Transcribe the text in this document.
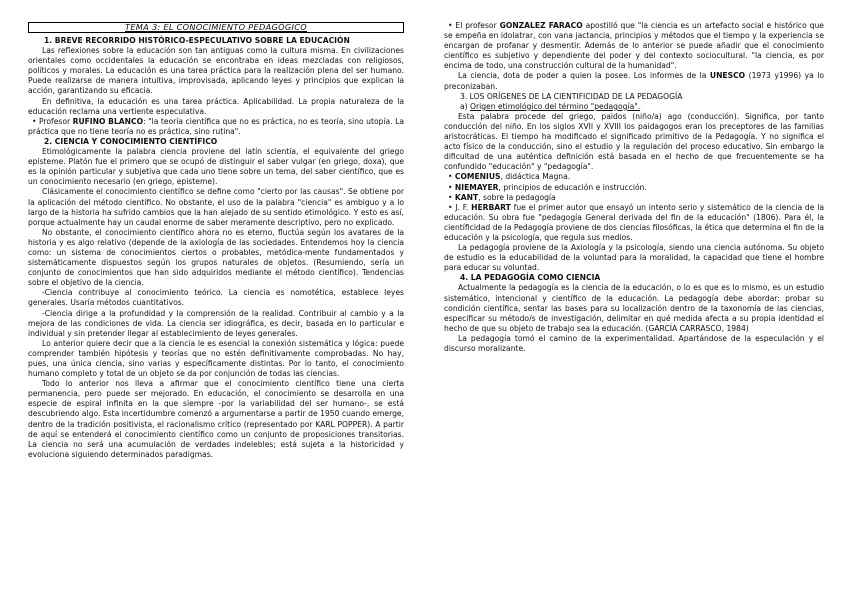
TEMA 3: EL CONOCIMIENTO PEDAGÓGICO

1. BREVE RECORRIDO HISTÓRICO-ESPECULATIVO SOBRE LA EDUCACIÓN

Las reflexiones sobre la educación son tan antiguas como la cultura misma. En civilizaciones orientales como occidentales la educación se encontraba en ideas mezcladas con religiosos, políticos y morales. La educación es una tarea práctica para la realización plena del ser humano. Puede realizarse de manera intuitiva, improvisada, aplicando leyes y principios que explican la acción, garantizando su eficacia.

En definitiva, la educación es una tarea práctica. Aplicabilidad. La propia naturaleza de la educación reclama una vertiente especulativa.

• Profesor RUFINO BLANCO: "la teoría científica que no es práctica, no es teoría, sino utopía. La práctica que no tiene teoría no es práctica, sino rutina".

2. CIENCIA Y CONOCIMIENTO CIENTÍFICO

Etimológicamente la palabra ciencia proviene del latín scientia, el equivalente del griego episteme. Platón fue el primero que se ocupó de distinguir el saber vulgar (en griego, doxa), que es la opinión particular y subjetiva que cada uno tiene sobre un tema, del saber científico, que es un conocimiento necesario (en griego, episteme).

Clásicamente el conocimiento científico se define como "cierto por las causas". Se obtiene por la aplicación del método científico. No obstante, el uso de la palabra "ciencia" es ambiguo y a lo largo de la historia ha sufrido cambios que la han alejado de su sentido etimológico. Y esto es así, porque actualmente hay un caudal enorme de saber meramente descriptivo, pero no explicado.

No obstante, el conocimiento científico ahora no es eterno, fluctúa según los avatares de la historia y es algo relativo (depende de la axiología de las sociedades. Entendemos hoy la ciencia como: un sistema de conocimientos ciertos o probables, metódica-mente fundamentados y sistemáticamente dispuestos según los grupos naturales de objetos. (Resumiendo, sería un conjunto de conocimientos que han sido adquiridos mediante el método científico). Tendencias sobre el objetivo de la ciencia.

-Ciencia contribuye al conocimiento teórico. La ciencia es nomotética, establece leyes generales. Usaría métodos cuantitativos.

-Ciencia dirige a la profundidad y la comprensión de la realidad. Contribuir al cambio y a la mejora de las condiciones de vida. La ciencia ser idiográfica, es decir, basada en lo particular e individual y sin pretender llegar al establecimiento de leyes generales.

Lo anterior quiere decir que a la ciencia le es esencial la conexión sistemática y lógica: puede comprender también hipótesis y teorías que no estén definitivamente comprobadas. No hay, pues, una única ciencia, sino varias y específicamente distintas. Por lo tanto, el conocimiento humano completo y total de un objeto se da por conjunción de todas las ciencias.

Todo lo anterior nos lleva a afirmar que el conocimiento científico tiene una cierta permanencia, pero puede ser mejorado. En educación, el conocimiento se desarrolla en una especie de espiral infinita en la que siempre -por la variabilidad del ser humano-, se está descubriendo algo. Esta incertidumbre comenzó a argumentarse a partir de 1950 cuando emerge, dentro de la tradición positivista, el racionalismo crítico (representado por KARL POPPER). A partir de aquí se entenderá el conocimiento científico como un conjunto de proposiciones transitorias. La ciencia no será una acumulación de verdades indelebles; está sujeta a la historicidad y evoluciona siguiendo determinados paradigmas.

• El profesor GONZALEZ FARACO apostilló que "la ciencia es un artefacto social e histórico que se empeña en idolatrar, con vana jactancia, principios y métodos que el tiempo y la experiencia se encargan de profanar y desmentir. Además de lo anterior se puede añadir que el conocimiento científico es subjetivo y dependiente del poder y del contexto sociocultural. "la ciencia, es por encima de todo, una construcción cultural de la humanidad".

La ciencia, dota de poder a quien la posee. Los informes de la UNESCO (1973 y1996) ya lo preconizaban.

3. LOS ORÍGENES DE LA CIENTIFICIDAD DE LA PEDAGOGÍA

a) Origen etimológico del término "pedagogía".

Esta palabra procede del griego, paidos (niño/a) ago (conducción). Significa, por tanto conducción del niño. En los siglos XVII y XVIII los paidagogos eran los preceptores de las familias aristocráticas. El tiempo ha modificado el significado primitivo de la Pedagogía. Y no significa el acto físico de la conducción, sino el estudio y la regulación del proceso educativo. Sin embargo la dificultad de una auténtica definición está basada en el hecho de que frecuentemente se ha confundido "educación" y "pedagogía".

• COMENIUS, didáctica Magna.

• NIEMAYER, principios de educación e instrucción.

• KANT, sobre la pedagogía

• J. F. HERBART fue el primer autor que ensayó un intento serio y sistemático de la ciencia de la educación. Su obra fue "pedagogía General derivada del fin de la educación" (1806). Para él, la científicidad de la Pedagogía proviene de dos ciencias filosóficas, la ética que determina el fin de la educación y la psicología, que regula sus medios.

La pedagogía proviene de la Axiología y la psicología, siendo una ciencia autónoma. Su objeto de estudio es la educabilidad de la voluntad para la moralidad, la capacidad que tiene el hombre para educar su voluntad.

4. LA PEDAGOGÍA COMO CIENCIA

Actualmente la pedagogía es la ciencia de la educación, o lo es que es lo mismo, es un estudio sistemático, intencional y científico de la educación. La pedagogía debe abordar: probar su condición científica, sentar las bases para su localización dentro de la taxonomía de las ciencias, especificar su método/s de investigación, delimitar en qué medida afecta a su propia identidad el hecho de que su objeto de trabajo sea la educación. (GARCÍA CARRASCO, 1984)

La pedagogía tomó el camino de la experimentalidad. Apartándose de la especulación y el discurso moralizante.
